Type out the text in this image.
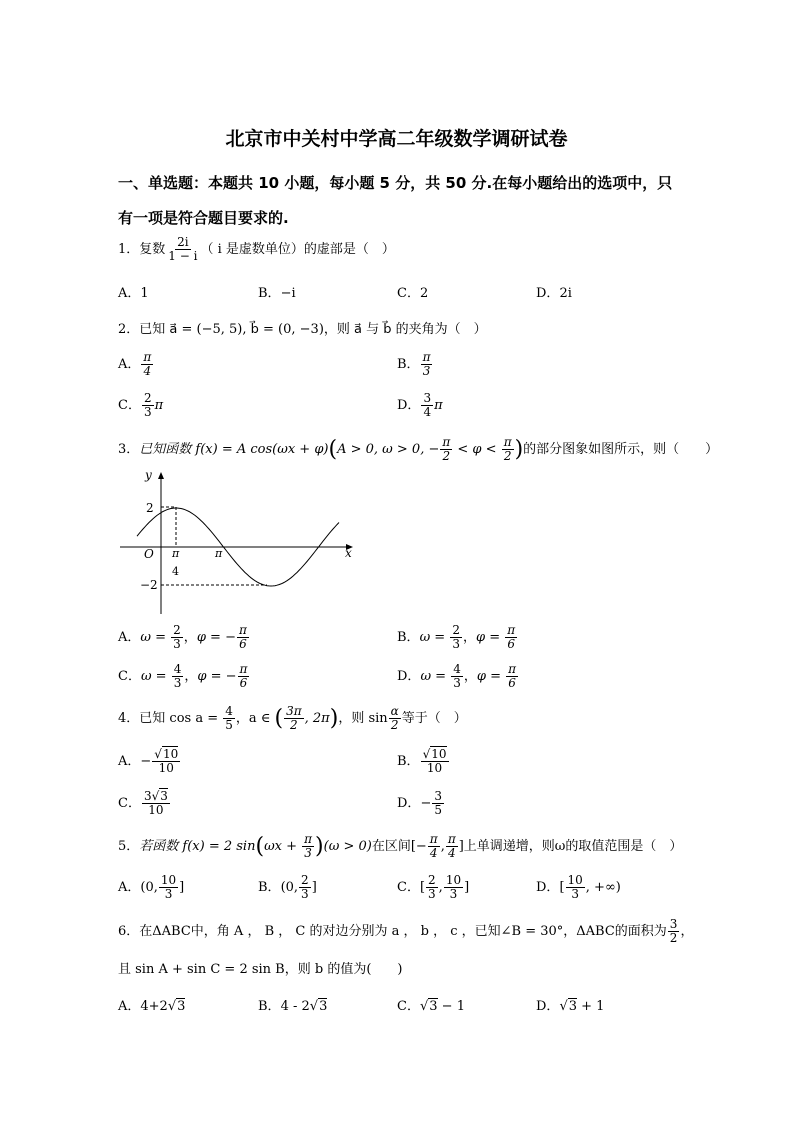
北京市中关村中学高二年级数学调研试卷
一、单选题：本题共 10 小题，每小题 5 分，共 50 分.在每小题给出的选项中，只
有一项是符合题目要求的.
1．复数 $\frac{2i}{1 - i}$ （ i 是虚数单位）的虚部是（　）
A．1	B．−i	C．2	D．2i
2．已知 a⃗ = (−5, 5), b⃗ = (0, −3)，则 a⃗ 与 b⃗ 的夹角为（　）
A． $\frac{\pi}{4}$	B． $\frac{\pi}{3}$
C． $\frac{2}{3}$ π	D． $\frac{3}{4}$ π
3．已知函数 f(x) = A cos(ωx + φ)(A > 0, ω > 0, − $\frac{\pi}{2} < \varphi < \frac{\pi}{2}$ )的部分图象如图所示，则（　　）
y
x
O
2
−2
π
4
π
A．$\omega = \frac{2}{3}$ ，φ = − $\frac{\pi}{6}$	B．$\omega = \frac{2}{3}$ ，$\varphi = \frac{\pi}{6}$
C．$\omega = \frac{4}{3}$ ，φ = − $\frac{\pi}{6}$	D．$\omega = \frac{4}{3}$ ，$\varphi = \frac{\pi}{6}$
4．已知 $\cos a = \frac{4}{5}$ ，a ∈ ( $\frac{3\pi}{2}$ , 2π)，则 $\sin \frac{\alpha}{2}$ 等于（　）
A．− $\frac{√10}{10}$	B． $\frac{√10}{10}$
C． $\frac{3√3}{10}$	D．− $\frac{3}{5}$
5．若函数 f(x) = 2 $\sin(\omega x + \frac{\pi}{3} )(\omega > 0)$在区间[− $\frac{\pi}{4}$ , $\frac{\pi}{4}$ ]上单调递增，则ω的取值范围是（　）
A．(0, $\frac{10}{3}$ ]	B．(0, $\frac{2}{3}$ ]	C．[ $\frac{2}{3}$ , $\frac{10}{3}$ ]	D．[ $\frac{10}{3}$ , +∞)
6．在ΔABC中，角 A ， B ， C 的对边分别为 a ， b ， c ，已知∠B = 30°，ΔABC的面积为 $\frac{3}{2}$ ，
且 sin A + sin C = 2 sin B，则 b 的值为(　　)
A．4+2√3	B．4 - 2√3	C．√3 − 1	D．√3 + 1
